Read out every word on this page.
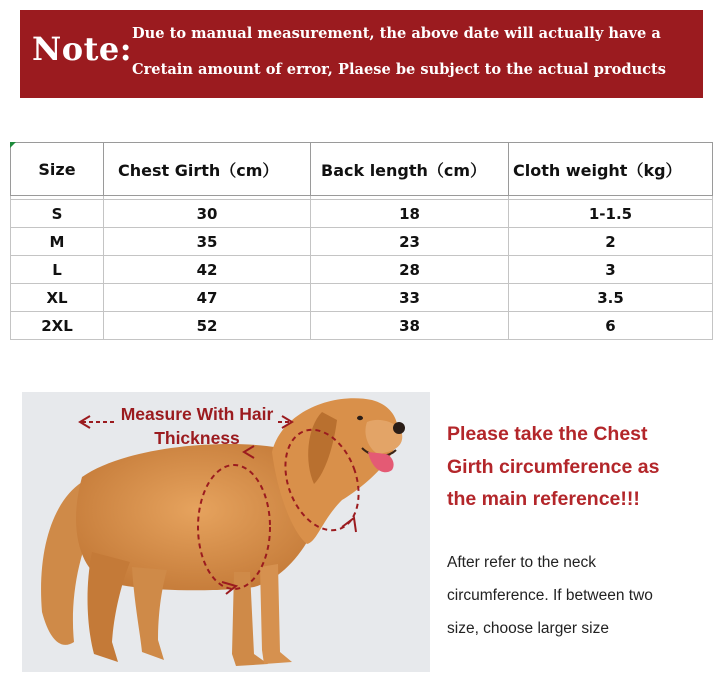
Note: Due to manual measurement, the above date will actually have a
Cretain amount of error, Plaese be subject to the actual products
Size	Chest Girth（cm）	Back length（cm）	Cloth weight（kg）

S	30	18	1-1.5
M	35	23	2
L	42	28	3
XL	47	33	3.5
2XL	52	38	6
Measure With Hair
Thickness	Please take the Chest
Girth circumference as
the main reference!!!
After refer to the neck
circumference. If between two
size, choose larger size
